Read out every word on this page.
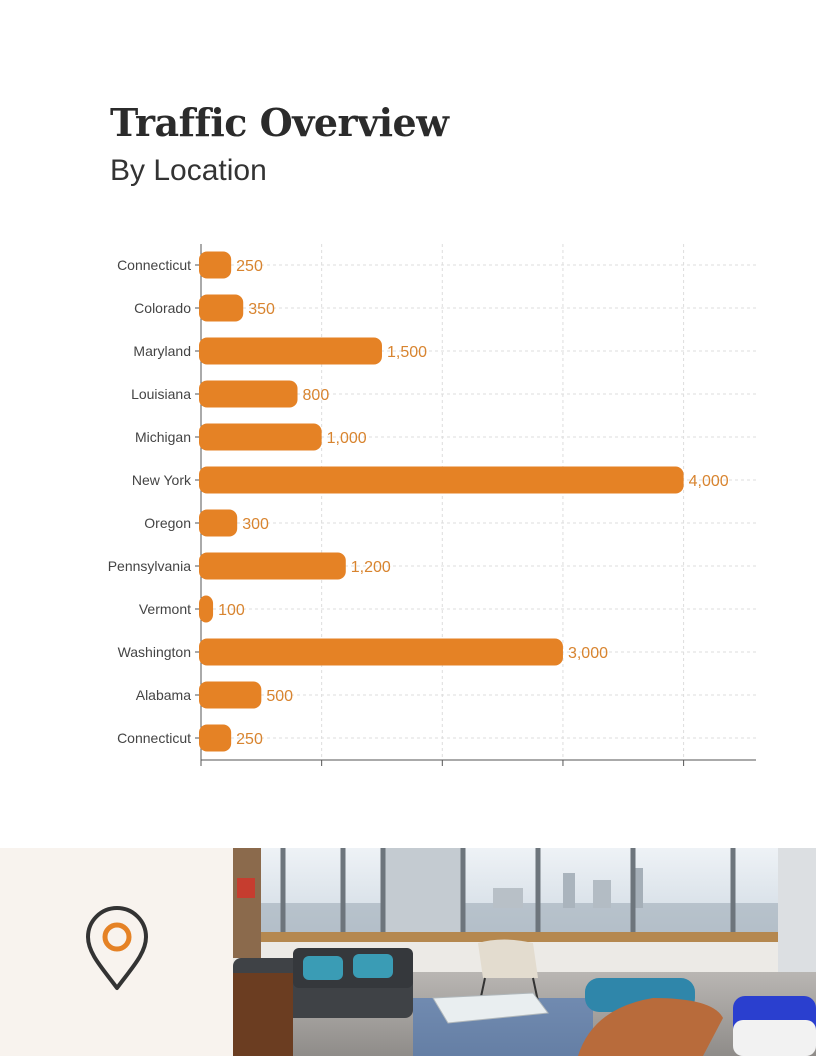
Traffic Overview
By Location
Connecticut	250
Colorado	350
Maryland	1,500
Louisiana	800
Michigan	1,000
New York	4,000
Oregon	300
Pennsylvania	1,200
Vermont 100
Washington	3,000
Alabama	500
Connecticut	250
